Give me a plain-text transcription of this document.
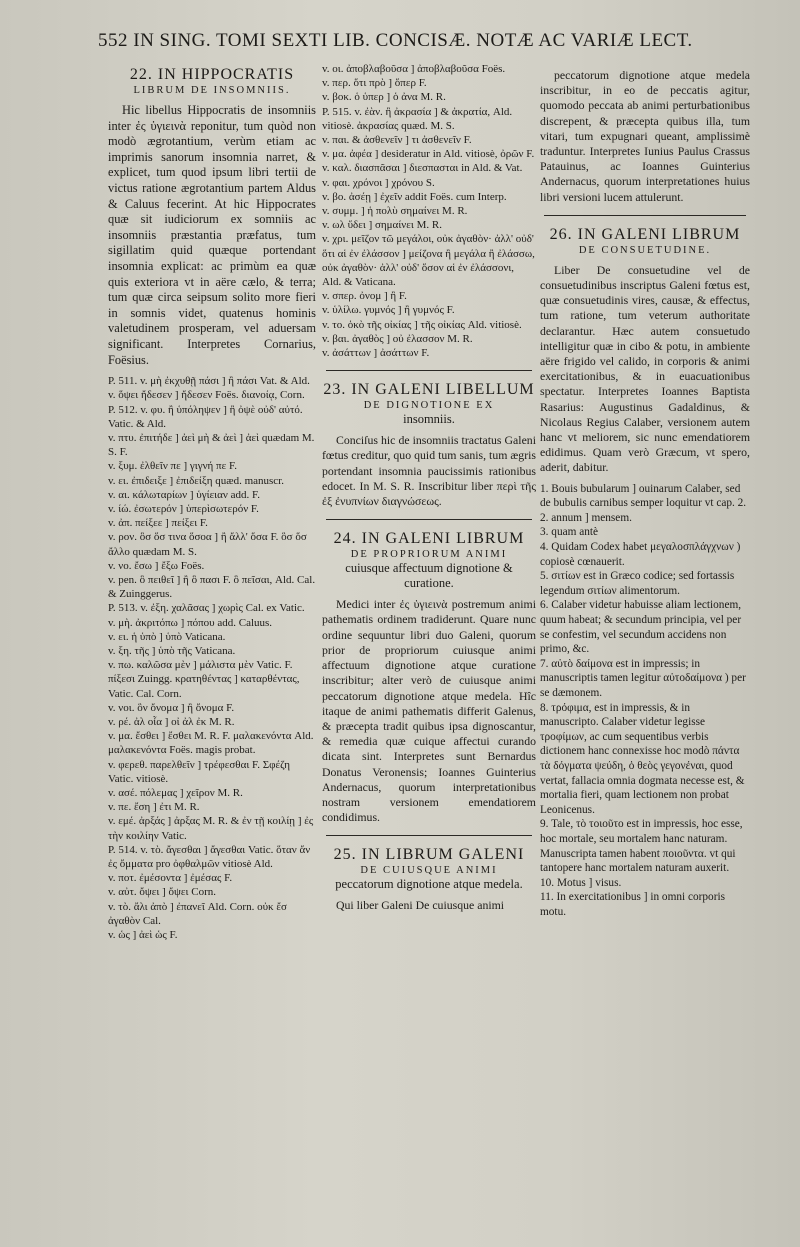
552 IN SING. TOMI SEXTI LIB. CONCISÆ. NOTÆ AC VARIÆ LECT.
22. IN HIPPOCRATIS
LIBRUM DE INSOMNIIS.
Hic libellus Hippocratis de insomniis inter ἐς ὑγιεινὰ reponitur, tum quòd non modò ægrotantium, verùm etiam ac imprimis sanorum insomnia narret, & explicet, tum quod ipsum libri tertii de victus ratione ægrotantium partem Aldus & Caluus fecerint. At hic Hippocrates quæ sit iudiciorum ex somniis ac insomniis præstantia præfatus, tum sigillatim quid quæque portendant insomnia explicat: ac primùm ea quæ quis exteriora vt in aëre cælo, & terra; tum quæ circa seipsum solito more fieri in somnis videt, quatenus hominis valetudinem prosperam, vel aduersam significant. Interpretes Cornarius, Foësius.
P. 511. v. μὴ ἐκχυθῇ πάσι ] ἢ πάσι Vat. & Ald.
v. ὅψει ἤδεσεν ] ἤδεσεν Foës. διανοίᾳ, Corn.
P. 512. v. φυ. ἢ ὑπόληψεν ] ἢ ὀψὲ οὐδ' αὐτό. Vatic. & Ald.
v. πτυ. ἐπιτήδε ] ἀεὶ μὴ & ἀεὶ ] ἀεὶ quædam M. S. F.
v. ξυμ. ἐλθεῖν πε ] γιγνή πε F.
v. ει. ἐπιδειξε ] ἐπιδείξη quæd. manuscr.
v. αι. κάλωταρίων ] ὑγίειαν add. F.
v. ίώ. ἐσωτερόν ] ὑπερὶσωτερόν F.
v. ἀπ. πείξεε ] πείξει F.
v. ρον. ὃσ ὅσ τινα ὅσοα ] ἢ ἄλλ' ὅσα F. ὃσ ὅσ ἄλλο quædam M. S.
v. νο. ἔσω ] ἔξω Foës.
v. pen. ὃ πειθεῖ ] ἢ ὃ πασι F. ὃ πεῖσαι, Ald. Cal. & Zuinggerus.
P. 513. v. ἐξη. χαλᾶσας ] χωρὶς Cal. ex Vatic.
v. μὴ. ἀκριτόπω ] πόπου add. Caluus.
v. ει. ἡ ὑπὸ ] ὑπὸ Vaticana.
v. ξη. τῆς ] ὑπὸ τῆς Vaticana.
v. πω. καλῶσα μὲν ] μάλιστα μὲν Vatic. F. πίξεσι Zuingg. κρατηθέντας ] καταρθέντας, Vatic. Cal. Corn.
v. νοι. ὃν ὄνομα ] ἢ ὄνομα F.
v. ρέ. ἀλ οἶα ] οἰ ἀλ ἐκ M. R.
v. μα. ἔσθει ] ἔσθει M. R. F. μαλακενόντα Ald. μαλακενόντα Foës. magis probat.
v. φερεθ. παρελθεῖν ] τρέφεσθαι F. Σφέζη Vatic. vitiosè.
v. ασέ. πόλεμας ] χεῖρον M. R.
v. πε. ἔση ] ἐτι M. R.
v. εμέ. ἀρξάς ] ἀρξας M. R. & ἐν τῇ κοιλίῃ ] ἐς τὴν κοιλίην Vatic.
P. 514. v. τὸ. ἄγεσθαι ] ἄγεσθαι Vatic. ὅταν ἄν ἐς ὄμματα pro ὀφθαλμῶν vitiosè Ald.
v. ποτ. ἐμέσοντα ] ἐμέσας F.
v. αὐτ. ὄψει ] ὄψει Corn.
v. τὸ. ἄλι ἀπὸ ] ἐπανεῖ Ald. Corn. οὐκ ἔσ ἀγαθὸν Cal.
v. ὡς ] ἀεὶ ὡς F.
v. οι. ἀποβλαβοῦσα ] ἀποβλαβοῦσα Foës.
v. περ. ὅτι πρὸ ] ὅπερ F.
v. βοκ. ὁ ὑπερ ] ὁ ἀνα M. R.
P. 515. v. ἐὰν. ἢ ἀκρασία ] & ἀκρατία, Ald. vitiosè. ἀκρασίας quæd. M. S.
v. παι. & ἀσθενεῖν ] τι ἀσθενεῖν F.
v. μα. ἀφέα ] desideratur in Ald. vitiosè, ὀρῶν F.
v. καλ. διασπᾶσαι ] διεσπασται in Ald. & Vat.
v. φαι. χρόνοι ] χρόνου S.
v. βο. ἀσέῃ ] ἐχεῖν addit Foës. cum Interp.
v. συμμ. ] ἡ πολὺ σημαίνει M. R.
v. ωλ ὕδει ] σημαίνει M. R.
v. χρι. μεῖζον τῶ μεγάλοι, οὐκ ἀγαθὸν· ἀλλ' οὐδ' ὅτι αἱ ἐν ἐλάσσον ] μείζονα ἢ μεγάλα ἢ ἐλάσσω, οὐκ ἀγαθὸν· ἀλλ' οὐδ' ὅσον αἱ ἐν ἐλάσσονι, Ald. & Vaticana.
v. σπερ. ὀνομ ] ἢ F.
v. ὑλίλω. γυμνός ] ἢ γυμνός F.
v. το. ὁκὸ τῆς οἰκίας ] τῆς οἰκίας Ald. vitiosè.
v. βαι. ἀγαθὸς ] οὐ ἐλασσον M. R.
v. ἀσάττων ] ἀσάττων F.
23. IN GALENI LIBELLUM
DE DIGNOTIONE EX
insomniis.
Conciſus hic de insomniis tractatus Galeni fœtus creditur, quo quid tum sanis, tum ægris portendant insomnia paucissimis rationibus edocet. In M. S. R. Inscribitur liber περὶ τῆς ἐξ ἐνυπνίων διαγνώσεως.
24. IN GALENI LIBRUM
DE PROPRIORUM ANIMI
cuiusque affectuum dignotione & curatione.
Medici inter ἐς ὑγιεινὰ postremum animi pathematis ordinem tradiderunt. Quare nunc ordine sequuntur libri duo Galeni, quorum prior de propriorum cuiusque animi affectuum dignotione atque curatione inscribitur; alter verò de cuiusque animi peccatorum dignotione atque medela. Hîc itaque de animi pathematis differit Galenus, & præcepta tradit quibus ipsa dignoscantur, & remedia quæ cuique affectui curando dicata sint. Interpretes sunt Bernardus Donatus Veronensis; Ioannes Guinterius Andernacus, quorum interpretationibus nostram versionem emendatiorem condidimus.
25. IN LIBRUM GALENI
DE CUIUSQUE ANIMI
peccatorum dignotione atque medela.
Qui liber Galeni De cuiusque animi
peccatorum dignotione atque medela inscribitur, in eo de peccatis agitur, quomodo peccata ab animi perturbationibus discrepent, & præcepta quibus illa, tum vitari, tum expugnari queant, amplissimè traduntur. Interpretes Iunius Paulus Crassus Patauinus, ac Ioannes Guinterius Andernacus, quorum interpretationes huius libri versioni lucem attulerunt.
26. IN GALENI LIBRUM
DE CONSUETUDINE.
Liber De consuetudine vel de consuetudinibus inscriptus Galeni fœtus est, quæ consuetudinis vires, causæ, & effectus, tum ratione, tum veterum authoritate declarantur. Hæc autem consuetudo intelligitur quæ in cibo & potu, in ambiente aëre frigido vel calido, in corporis & animi exercitationibus, & in euacuationibus spectatur. Interpretes Ioannes Baptista Rasarius: Augustinus Gadaldinus, & Nicolaus Regius Calaber, versionem autem hanc vt meliorem, sic nunc emendatiorem edidimus. Quam verò Græcum, vt spero, aderit, dabitur.
1. Bouis bubularum ] ouinarum Calaber, sed de bubulis carnibus semper loquitur vt cap. 2.
2. annum ] mensem.
3. quam antè
4. Quidam Codex habet μεγαλοσπλάγχνων ) copiosè cœnauerit.
5. σιτίων est in Græco codice; sed fortassis legendum σιτίων alimentorum.
6. Calaber videtur habuisse aliam lectionem, quum habeat; & secundum principia, vel per se confestim, vel secundum accidens non primo, &c.
7. αὐτὸ δαίμονα est in impressis; in manuscriptis tamen legitur αὐτοδαίμονα ) per se dæmonem.
8. τρόφιμα, est in impressis, & in manuscripto. Calaber videtur legisse τροφίμων, ac cum sequentibus verbis dictionem hanc connexisse hoc modò πάντα τὰ δόγματα ψεύδη, ὁ θεὸς γεγονέναι, quod vertat, fallacia omnia dogmata necesse est, & mortalia fieri, quam lectionem non probat Leonicenus.
9. Tale, τὸ τοιοῦτο est in impressis, hoc esse, hoc mortale, seu mortalem hanc naturam. Manuscripta tamen habent ποιοῦντα. vt qui tantopere hanc mortalem naturam auxerit.
10. Motus ] visus.
11. In exercitationibus ] in omni corporis motu.
